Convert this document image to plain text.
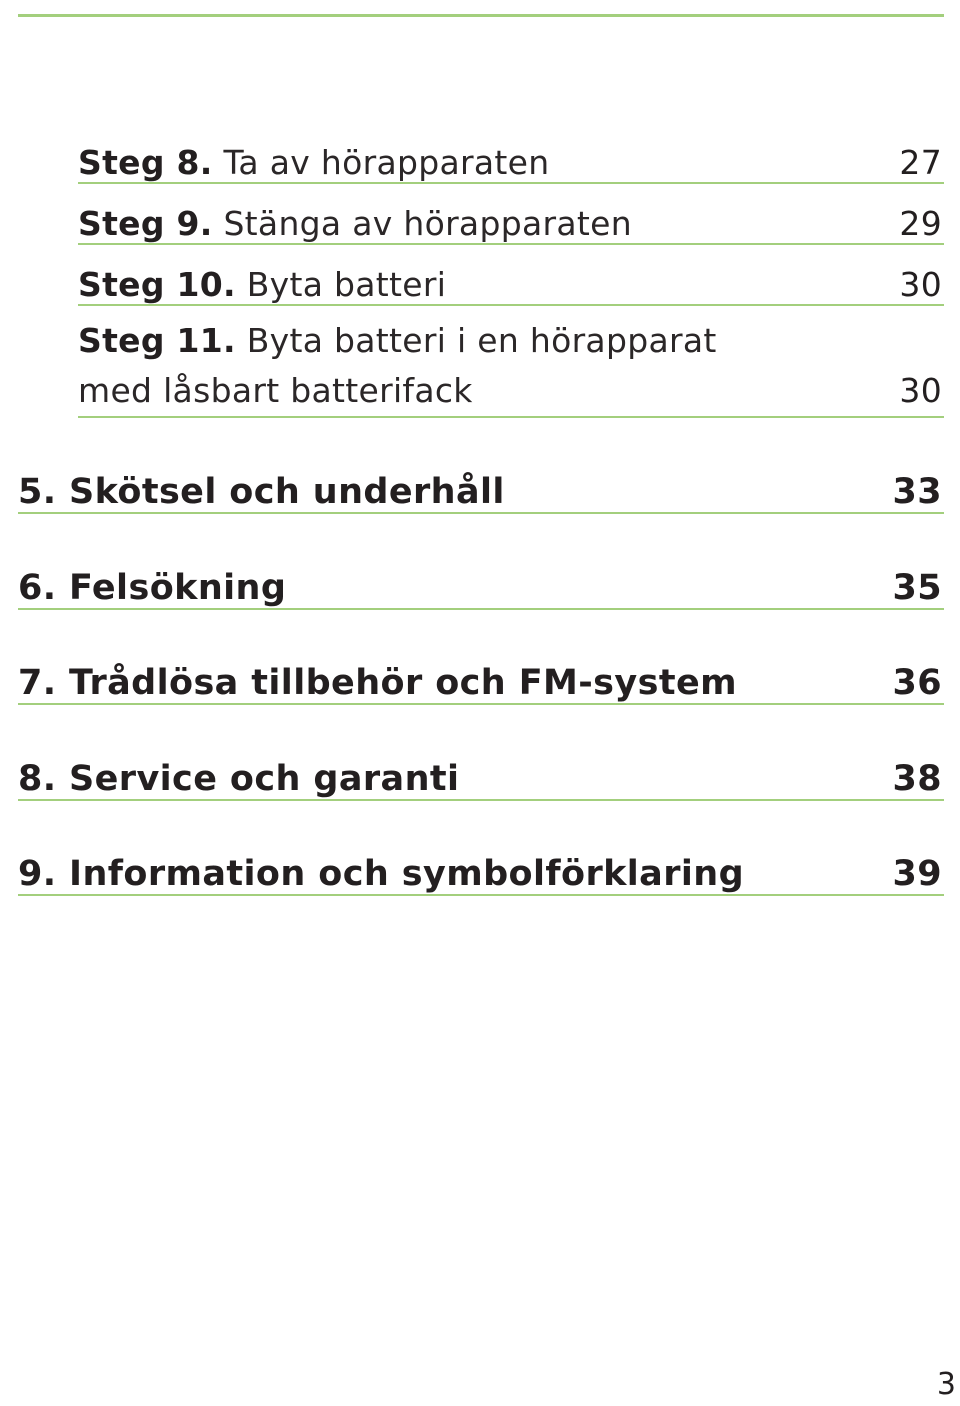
Steg 8. Ta av hörapparaten	27
Steg 9. Stänga av hörapparaten	29
Steg 10. Byta batteri	30
Steg 11. Byta batteri i en hörapparat
med låsbart batterifack	30
5. Skötsel och underhåll	33
6. Felsökning	35
7. Trådlösa tillbehör och FM-system	36
8. Service och garanti	38
9. Information och symbolförklaring	39
3
